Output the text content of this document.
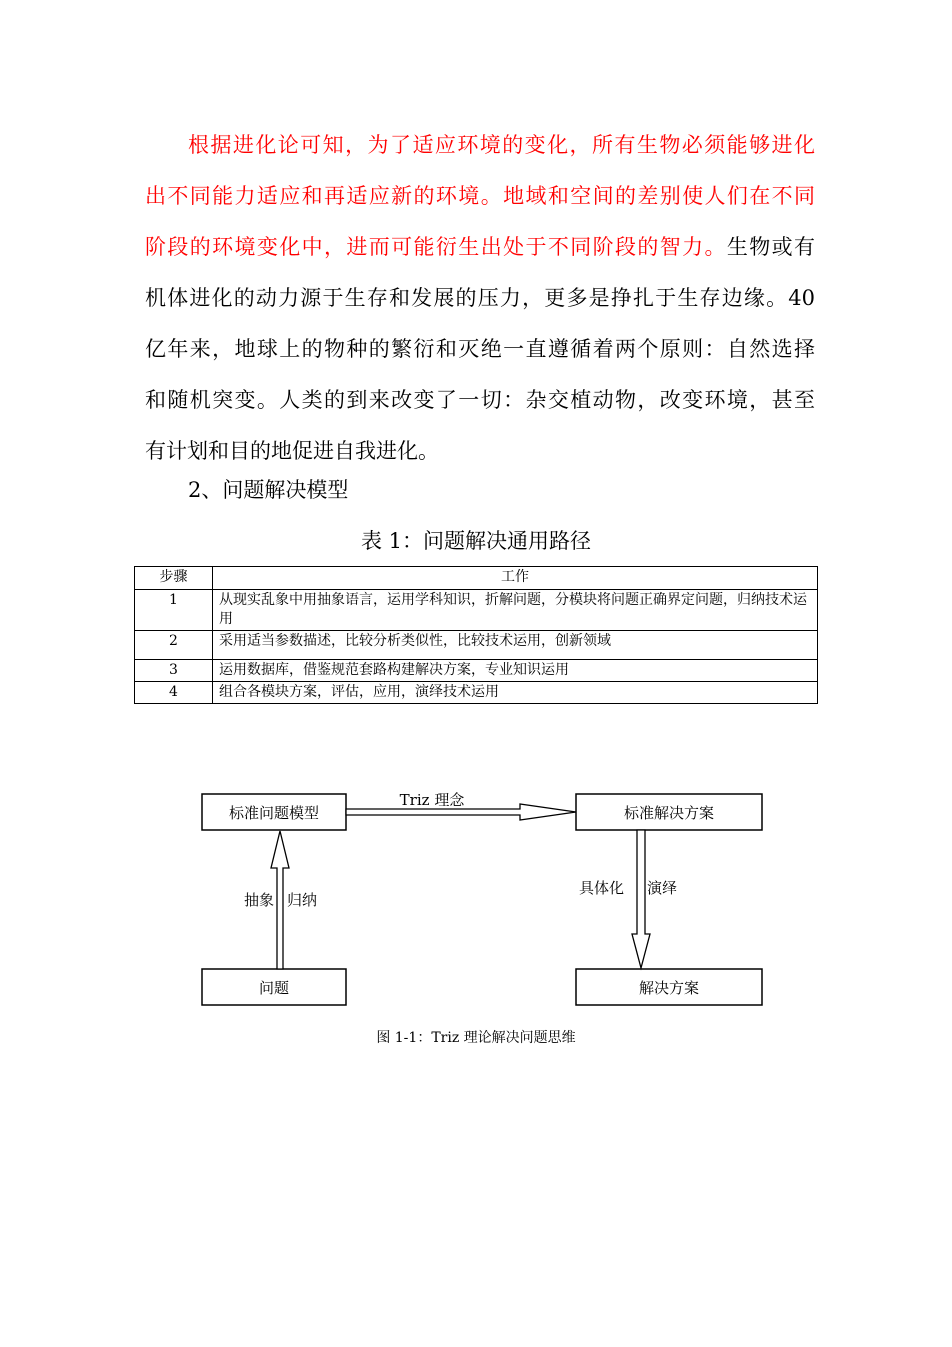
根据进化论可知，为了适应环境的变化，所有生物必须能够进化
出不同能力适应和再适应新的环境。地域和空间的差别使人们在不同
阶段的环境变化中，进而可能衍生出处于不同阶段的智力。生物或有
机体进化的动力源于生存和发展的压力，更多是挣扎于生存边缘。40
亿年来，地球上的物种的繁衍和灭绝一直遵循着两个原则：自然选择
和随机突变。人类的到来改变了一切：杂交植动物，改变环境，甚至
有计划和目的地促进自我进化。
2、问题解决模型
表 1：问题解决通用路径
步骤	工作
1	从现实乱象中用抽象语言，运用学科知识，折解问题，分模块将问题正确界定问题，归纳技术运用
2	采用适当参数描述，比较分析类似性，比较技术运用，创新领域
3	运用数据库，借鉴规范套路构建解决方案，专业知识运用
4	组合各模块方案，评估，应用，演绎技术运用
标准问题模型	标准解决方案
问题	解决方案
Triz 理念
抽象 归纳
具体化 演绎
图 1-1：Triz 理论解决问题思维
